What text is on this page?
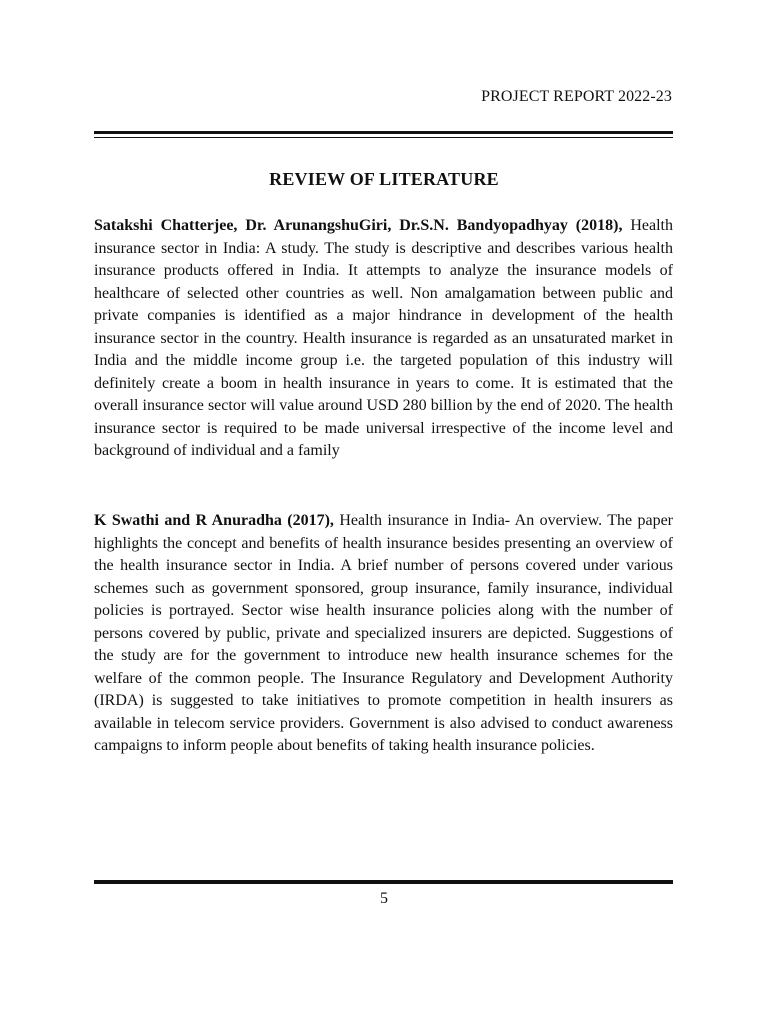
PROJECT REPORT 2022-23
REVIEW OF LITERATURE

Satakshi Chatterjee, Dr. ArunangshuGiri, Dr.S.N. Bandyopadhyay (2018), Health insurance sector in India: A study. The study is descriptive and describes various health insurance products offered in India. It attempts to analyze the insurance models of healthcare of selected other countries as well. Non amalgamation between public and private companies is identified as a major hindrance in development of the health insurance sector in the country. Health insurance is regarded as an unsaturated market in India and the middle income group i.e. the targeted population of this industry will definitely create a boom in health insurance in years to come. It is estimated that the overall insurance sector will value around USD 280 billion by the end of 2020. The health insurance sector is required to be made universal irrespective of the income level and background of individual and a family

K Swathi and R Anuradha (2017), Health insurance in India- An overview. The paper highlights the concept and benefits of health insurance besides presenting an overview of the health insurance sector in India. A brief number of persons covered under various schemes such as government sponsored, group insurance, family insurance, individual policies is portrayed. Sector wise health insurance policies along with the number of persons covered by public, private and specialized insurers are depicted. Suggestions of the study are for the government to introduce new health insurance schemes for the welfare of the common people. The Insurance Regulatory and Development Authority (IRDA) is suggested to take initiatives to promote competition in health insurers as available in telecom service providers. Government is also advised to conduct awareness campaigns to inform people about benefits of taking health insurance policies.

5
